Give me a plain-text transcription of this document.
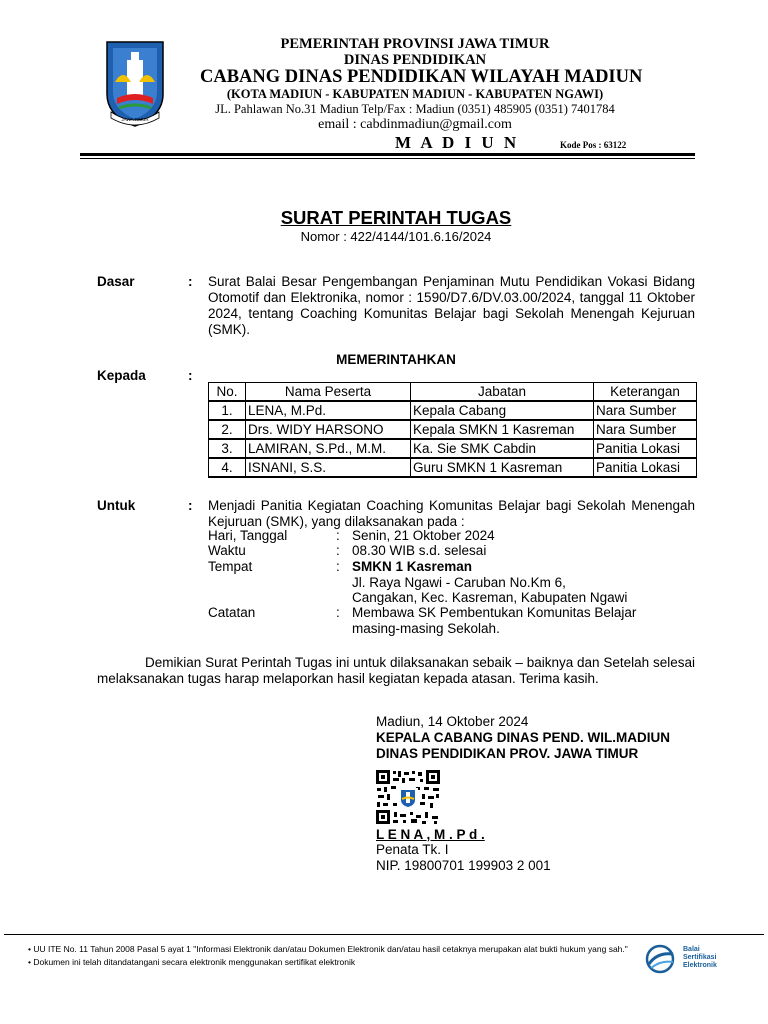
JAWA TIMUR
PEMERINTAH PROVINSI JAWA TIMUR
DINAS PENDIDIKAN
CABANG DINAS PENDIDIKAN WILAYAH MADIUN
(KOTA MADIUN - KABUPATEN MADIUN - KABUPATEN NGAWI)
JL. Pahlawan No.31 Madiun Telp/Fax : Madiun (0351) 485905 (0351) 7401784
email : cabdinmadiun@gmail.com
M A D I U N	Kode Pos : 63122
SURAT PERINTAH TUGAS
Nomor : 422/4144/101.6.16/2024
Dasar	: Surat Balai Besar Pengembangan Penjaminan Mutu Pendidikan Vokasi Bidang Otomotif dan Elektronika, nomor : 1590/D7.6/DV.03.00/2024, tanggal 11 Oktober 2024, tentang Coaching Komunitas Belajar bagi Sekolah Menengah Kejuruan (SMK).
MEMERINTAHKAN
Kepada	:
No.	Nama Peserta	Jabatan	Keterangan
1.	LENA, M.Pd.	Kepala Cabang	Nara Sumber
2.	Drs. WIDY HARSONO	Kepala SMKN 1 Kasreman	Nara Sumber
3.	LAMIRAN, S.Pd., M.M.	Ka. Sie SMK Cabdin	Panitia Lokasi
4.	ISNANI, S.S.	Guru SMKN 1 Kasreman	Panitia Lokasi
Untuk	: Menjadi Panitia Kegiatan Coaching Komunitas Belajar bagi Sekolah Menengah Kejuruan (SMK), yang dilaksanakan pada :
Hari, Tanggal	: Senin, 21 Oktober 2024
Waktu	: 08.30 WIB s.d. selesai
Tempat	: SMKN 1 Kasreman
Jl. Raya Ngawi - Caruban No.Km 6,
Cangakan, Kec. Kasreman, Kabupaten Ngawi
Catatan	: Membawa SK Pembentukan Komunitas Belajar
masing-masing Sekolah.
Demikian Surat Perintah Tugas ini untuk dilaksanakan sebaik – baiknya dan Setelah selesai melaksanakan tugas harap melaporkan hasil kegiatan kepada atasan. Terima kasih.
Madiun, 14 Oktober 2024
KEPALA CABANG DINAS PEND. WIL.MADIUN
DINAS PENDIDIKAN PROV. JAWA TIMUR
L E N A , M . P d .
Penata Tk. I
NIP. 19800701 199903 2 001
• UU ITE No. 11 Tahun 2008 Pasal 5 ayat 1 "Informasi Elektronik dan/atau Dokumen Elektronik dan/atau hasil cetaknya merupakan alat bukti hukum yang sah."
• Dokumen ini telah ditandatangani secara elektronik menggunakan sertifikat elektronik
Balai
Sertifikasi
Elektronik
